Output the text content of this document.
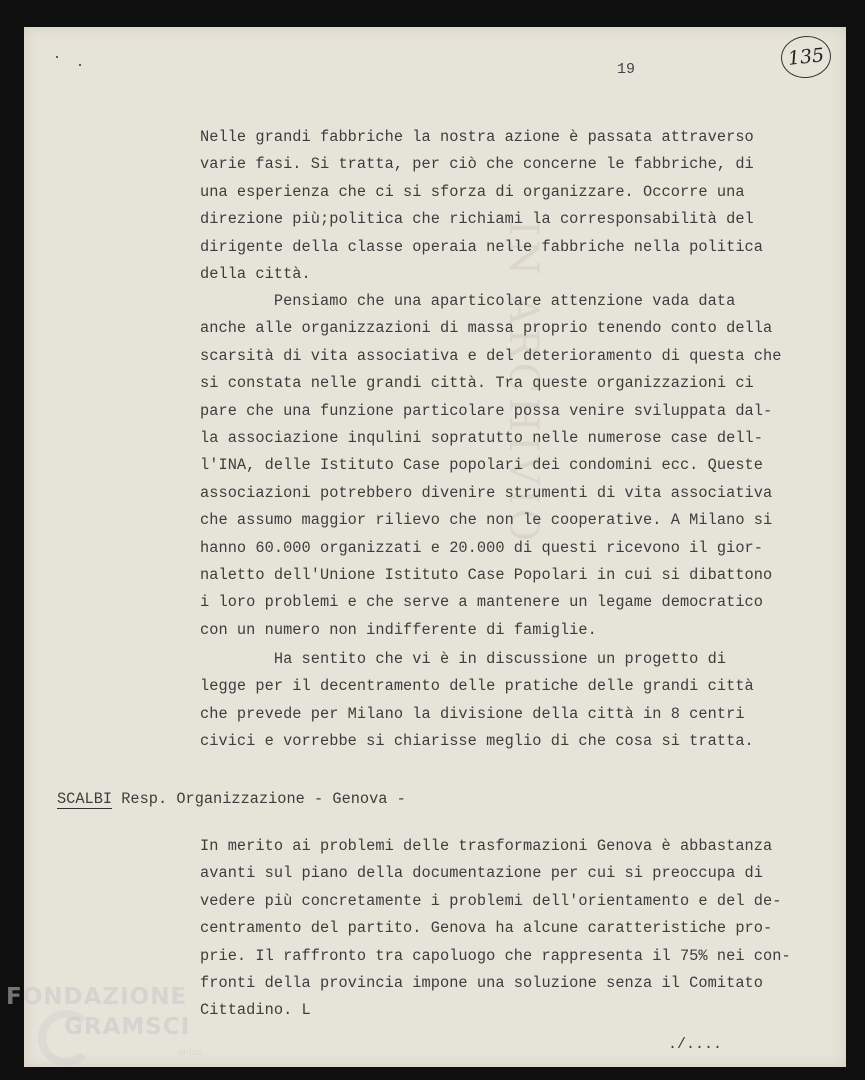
IN ARCHIVIO
19	135

Nelle grandi fabbriche la nostra azione è passata attraverso
varie fasi. Si tratta, per ciò che concerne le fabbriche, di
una esperienza che ci si sforza di organizzare. Occorre una
direzione più;politica che richiami la corresponsabilità del
dirigente della classe operaia nelle fabbriche nella politica
della città.

Pensiamo che una aparticolare attenzione vada data
anche alle organizzazioni di massa proprio tenendo conto della
scarsità di vita associativa e del deterioramento di questa che
si constata nelle grandi città. Tra queste organizzazioni ci
pare che una funzione particolare possa venire sviluppata dal-
la associazione inqulini sopratutto nelle numerose case dell-
l'INA, delle Istituto Case popolari dei condomini ecc. Queste
associazioni potrebbero divenire strumenti di vita associativa
che assumo maggior rilievo che non le cooperative. A Milano si
hanno 60.000 organizzati e 20.000 di questi ricevono il gior-
naletto dell'Unione Istituto Case Popolari in cui si dibattono
i loro problemi e che serve a mantenere un legame democratico
con un numero non indifferente di famiglie.

Ha sentito che vi è in discussione un progetto di
legge per il decentramento delle pratiche delle grandi città
che prevede per Milano la divisione della città in 8 centri
civici e vorrebbe si chiarisse meglio di che cosa si tratta.

SCALBI Resp. Organizzazione - Genova -

In merito ai problemi delle trasformazioni Genova è abbastanza
avanti sul piano della documentazione per cui si preoccupa di
vedere più concretamente i problemi dell'orientamento e del de-
centramento del partito. Genova ha alcune caratteristiche pro-
prie. Il raffronto tra capoluogo che rappresenta il 75% nei con-
fronti della provincia impone una soluzione senza il Comitato
Cittadino. L

./....
FONDAZIONE
GRAMSCI
onlus
